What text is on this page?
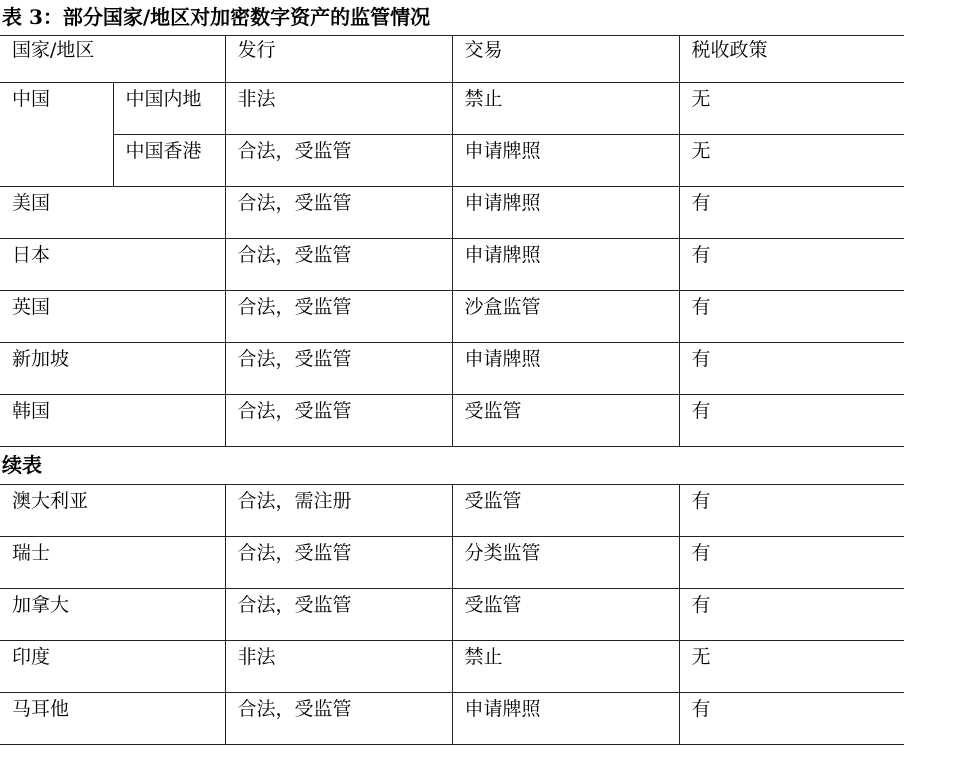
表 3：部分国家/地区对加密数字资产的监管情况
国家/地区		发行	交易	税收政策
中国	中国内地	非法	禁止	无
	中国香港	合法，受监管	申请牌照	无
美国		合法，受监管	申请牌照	有
日本		合法，受监管	申请牌照	有
英国		合法，受监管	沙盒监管	有
新加坡		合法，受监管	申请牌照	有
韩国		合法，受监管	受监管	有
续表
澳大利亚	合法，需注册	受监管	有
瑞士	合法，受监管	分类监管	有
加拿大	合法，受监管	受监管	有
印度	非法	禁止	无
马耳他	合法，受监管	申请牌照	有
